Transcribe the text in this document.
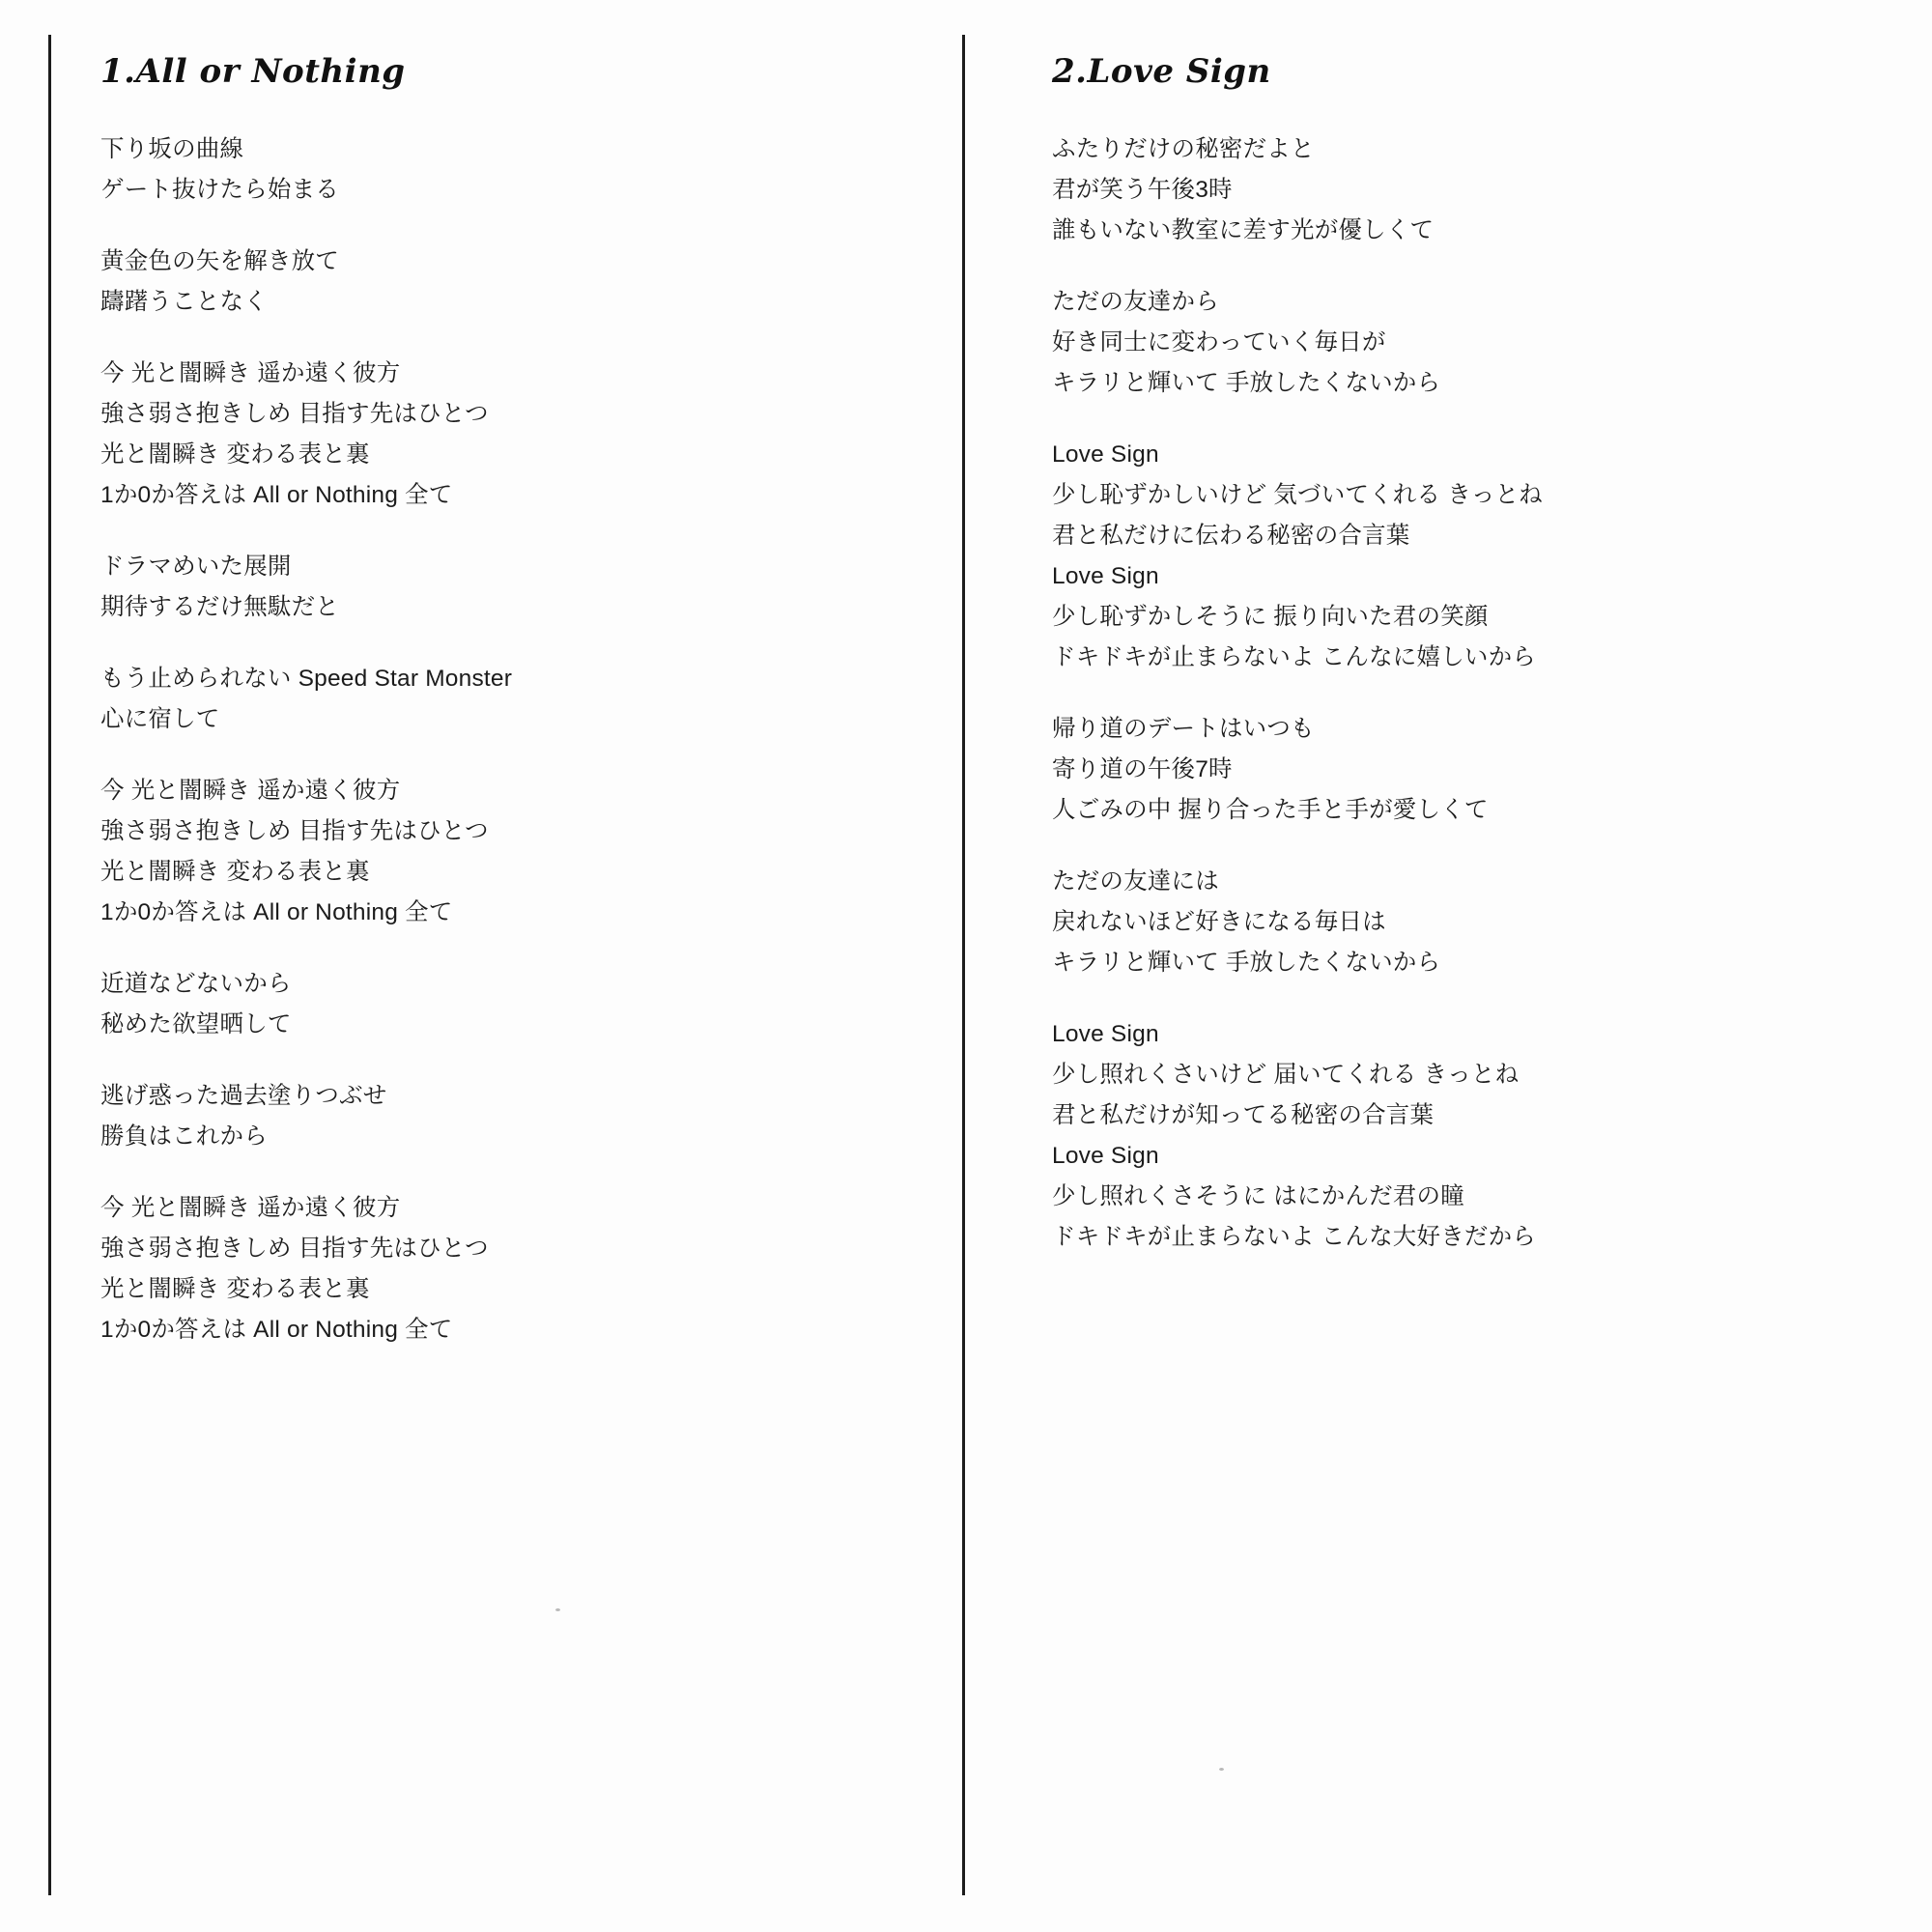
1.All or Nothing
下り坂の曲線
ゲート抜けたら始まる
黄金色の矢を解き放て
躊躇うことなく
今 光と闇瞬き 遥か遠く彼方
強さ弱さ抱きしめ 目指す先はひとつ
光と闇瞬き 変わる表と裏
1か0か答えは All or Nothing 全て
ドラマめいた展開
期待するだけ無駄だと
もう止められない Speed Star Monster
心に宿して
今 光と闇瞬き 遥か遠く彼方
強さ弱さ抱きしめ 目指す先はひとつ
光と闇瞬き 変わる表と裏
1か0か答えは All or Nothing 全て
近道などないから
秘めた欲望晒して
逃げ惑った過去塗りつぶせ
勝負はこれから
今 光と闇瞬き 遥か遠く彼方
強さ弱さ抱きしめ 目指す先はひとつ
光と闇瞬き 変わる表と裏
1か0か答えは All or Nothing 全て
2.Love Sign
ふたりだけの秘密だよと
君が笑う午後3時
誰もいない教室に差す光が優しくて
ただの友達から
好き同士に変わっていく毎日が
キラリと輝いて 手放したくないから
Love Sign
少し恥ずかしいけど 気づいてくれる きっとね
君と私だけに伝わる秘密の合言葉
Love Sign
少し恥ずかしそうに 振り向いた君の笑顔
ドキドキが止まらないよ こんなに嬉しいから
帰り道のデートはいつも
寄り道の午後7時
人ごみの中 握り合った手と手が愛しくて
ただの友達には
戻れないほど好きになる毎日は
キラリと輝いて 手放したくないから
Love Sign
少し照れくさいけど 届いてくれる きっとね
君と私だけが知ってる秘密の合言葉
Love Sign
少し照れくさそうに はにかんだ君の瞳
ドキドキが止まらないよ こんな大好きだから
